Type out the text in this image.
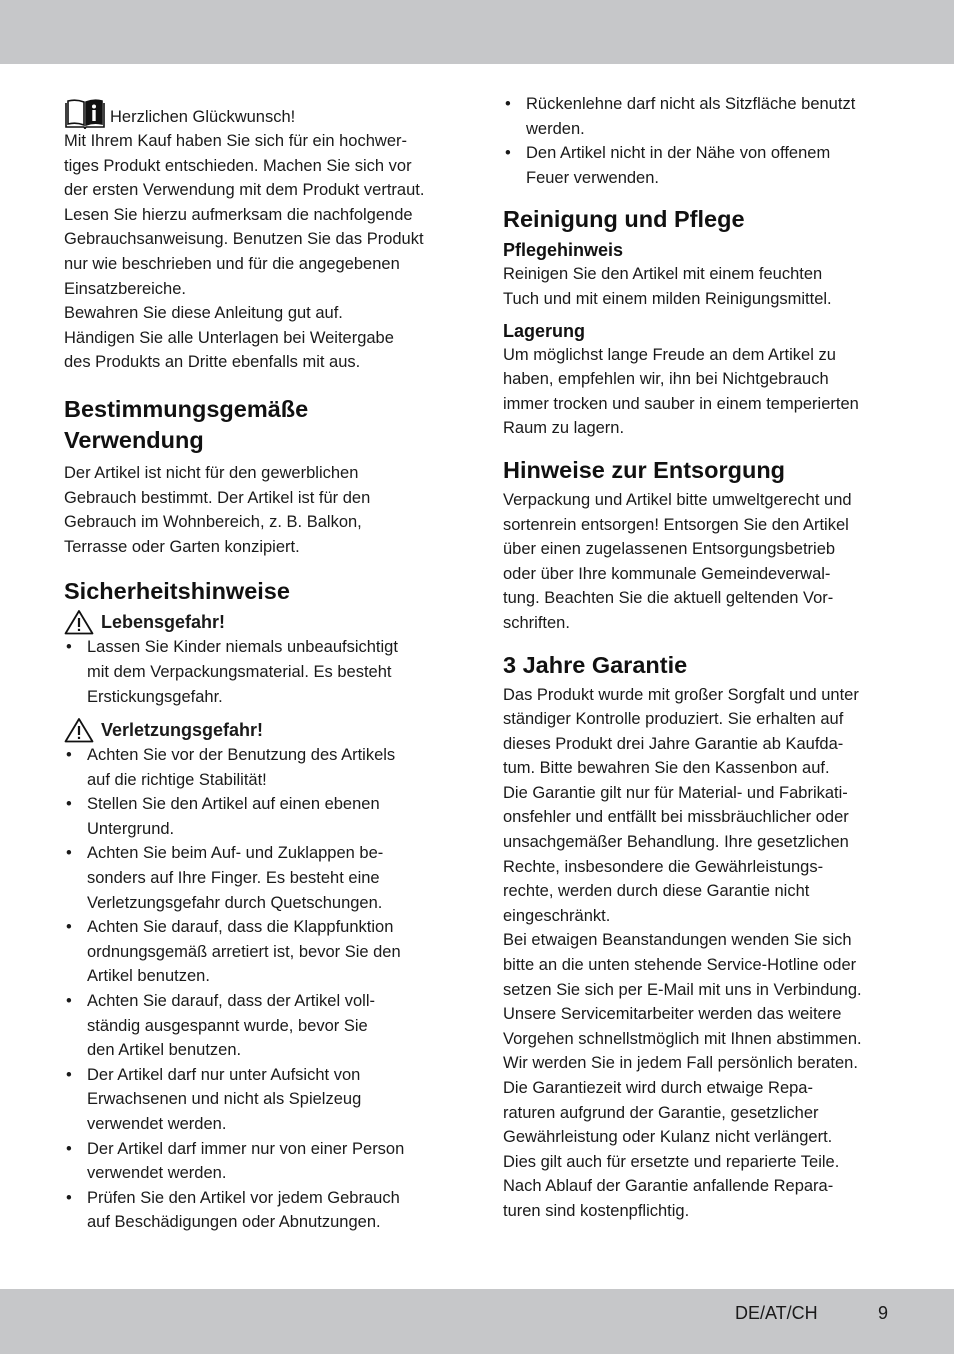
Herzlichen Glückwunsch!

Mit Ihrem Kauf haben Sie sich für ein hochwer-
tiges Produkt entschieden. Machen Sie sich vor
der ersten Verwendung mit dem Produkt vertraut.
Lesen Sie hierzu aufmerksam die nachfolgende
Gebrauchsanweisung. Benutzen Sie das Produkt
nur wie beschrieben und für die angegebenen
Einsatzbereiche.

Bewahren Sie diese Anleitung gut auf.
Händigen Sie alle Unterlagen bei Weitergabe
des Produkts an Dritte ebenfalls mit aus.

Bestimmungsgemäße
Verwendung

Der Artikel ist nicht für den gewerblichen
Gebrauch bestimmt. Der Artikel ist für den
Gebrauch im Wohnbereich, z. B. Balkon,
Terrasse oder Garten konzipiert.

Sicherheitshinweise
Lebensgefahr!
• Lassen Sie Kinder niemals unbeaufsichtigt
mit dem Verpackungsmaterial. Es besteht
Erstickungsgefahr.
Verletzungsgefahr!
• Achten Sie vor der Benutzung des Artikels
auf die richtige Stabilität!
• Stellen Sie den Artikel auf einen ebenen
Untergrund.
• Achten Sie beim Auf- und Zuklappen be-
sonders auf Ihre Finger. Es besteht eine
Verletzungsgefahr durch Quetschungen.
• Achten Sie darauf, dass die Klappfunktion
ordnungsgemäß arretiert ist, bevor Sie den
Artikel benutzen.
• Achten Sie darauf, dass der Artikel voll-
ständig ausgespannt wurde, bevor Sie
den Artikel benutzen.
• Der Artikel darf nur unter Aufsicht von
Erwachsenen und nicht als Spielzeug
verwendet werden.
• Der Artikel darf immer nur von einer Person
verwendet werden.
• Prüfen Sie den Artikel vor jedem Gebrauch
auf Beschädigungen oder Abnutzungen.
• Rückenlehne darf nicht als Sitzfläche benutzt
werden.
• Den Artikel nicht in der Nähe von offenem
Feuer verwenden.
Reinigung und Pflege
Pflegehinweis

Reinigen Sie den Artikel mit einem feuchten
Tuch und mit einem milden Reinigungsmittel.

Lagerung

Um möglichst lange Freude an dem Artikel zu
haben, empfehlen wir, ihn bei Nichtgebrauch
immer trocken und sauber in einem temperierten
Raum zu lagern.

Hinweise zur Entsorgung

Verpackung und Artikel bitte umweltgerecht und
sortenrein entsorgen! Entsorgen Sie den Artikel
über einen zugelassenen Entsorgungsbetrieb
oder über Ihre kommunale Gemeindeverwal-
tung. Beachten Sie die aktuell geltenden Vor-
schriften.

3 Jahre Garantie

Das Produkt wurde mit großer Sorgfalt und unter
ständiger Kontrolle produziert. Sie erhalten auf
dieses Produkt drei Jahre Garantie ab Kaufda-
tum. Bitte bewahren Sie den Kassenbon auf.
Die Garantie gilt nur für Material- und Fabrikati-
onsfehler und entfällt bei missbräuchlicher oder
unsachgemäßer Behandlung. Ihre gesetzlichen
Rechte, insbesondere die Gewährleistungs-
rechte, werden durch diese Garantie nicht
eingeschränkt.
Bei etwaigen Beanstandungen wenden Sie sich
bitte an die unten stehende Service-Hotline oder
setzen Sie sich per E-Mail mit uns in Verbindung.
Unsere Servicemitarbeiter werden das weitere
Vorgehen schnellstmöglich mit Ihnen abstimmen.
Wir werden Sie in jedem Fall persönlich beraten.
Die Garantiezeit wird durch etwaige Repa-
raturen aufgrund der Garantie, gesetzlicher
Gewährleistung oder Kulanz nicht verlängert.
Dies gilt auch für ersetzte und reparierte Teile.
Nach Ablauf der Garantie anfallende Repara-
turen sind kostenpflichtig.

DE/AT/CH	9
